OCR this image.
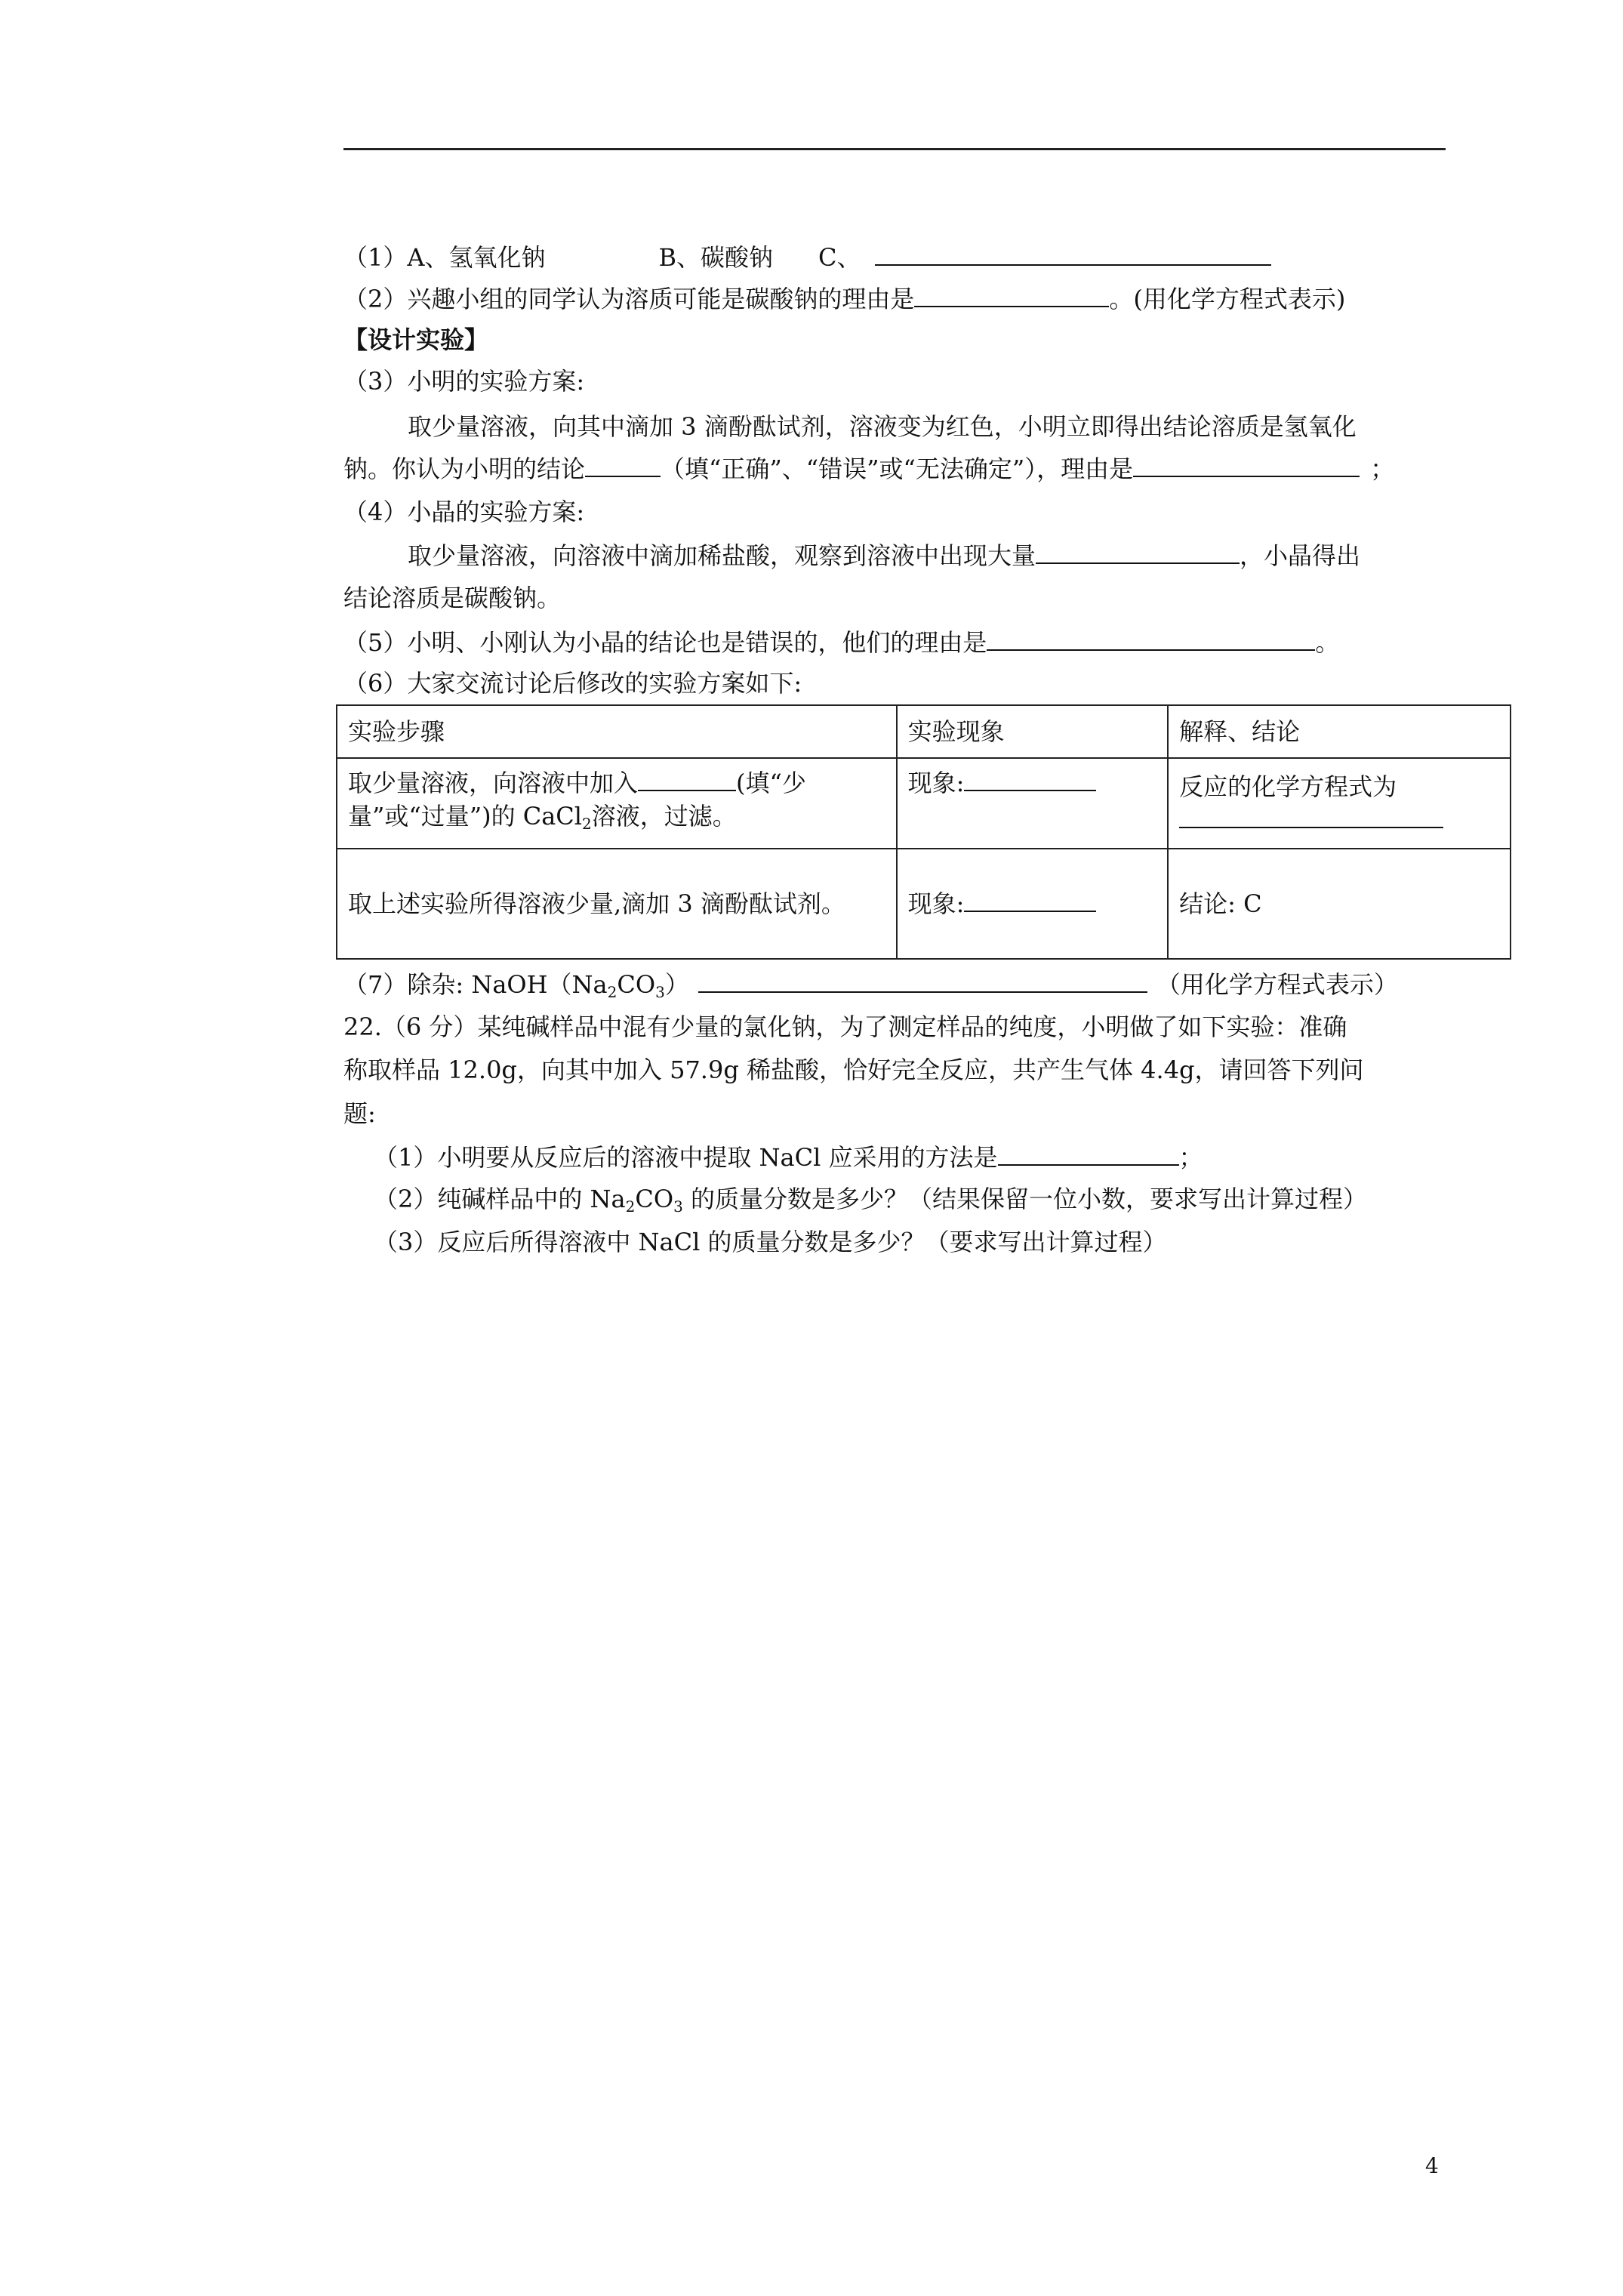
（1）A、氢氧化钠	B、碳酸钠 C、
（2）兴趣小组的同学认为溶质可能是碳酸钠的理由是	。(用化学方程式表示)
【设计实验】
（3）小明的实验方案:
取少量溶液，向其中滴加 3 滴酚酞试剂，溶液变为红色，小明立即得出结论溶质是氢氧化
钠。你认为小明的结论	（填“正确”、“错误”或“无法确定”），理由是	；
（4）小晶的实验方案:
取少量溶液，向溶液中滴加稀盐酸，观察到溶液中出现大量	，小晶得出
结论溶质是碳酸钠。
（5）小明、小刚认为小晶的结论也是错误的，他们的理由是	。
（6）大家交流讨论后修改的实验方案如下:
实验步骤	实验现象	解释、结论
取少量溶液，向溶液中加入 (填“少
量”或“过量”)的 CaCl$_2$溶液，过滤。	现象:	反应的化学方程式为

取上述实验所得溶液少量,滴加 3 滴酚酞试剂。	现象:	结论: C
（7）除杂: $NaOH(Na_2CO_3)$	（用化学方程式表示）
22.（6 分）某纯碱样品中混有少量的氯化钠，为了测定样品的纯度，小明做了如下实验：准确
称取样品 12.0g，向其中加入 57.9g 稀盐酸，恰好完全反应，共产生气体 4.4g，请回答下列问
题:
（1）小明要从反应后的溶液中提取 NaCl 应采用的方法是	；
（2）纯碱样品中的 $Na_2CO_3$ 的质量分数是多少？（结果保留一位小数，要求写出计算过程）
（3）反应后所得溶液中 NaCl 的质量分数是多少？（要求写出计算过程）
4
